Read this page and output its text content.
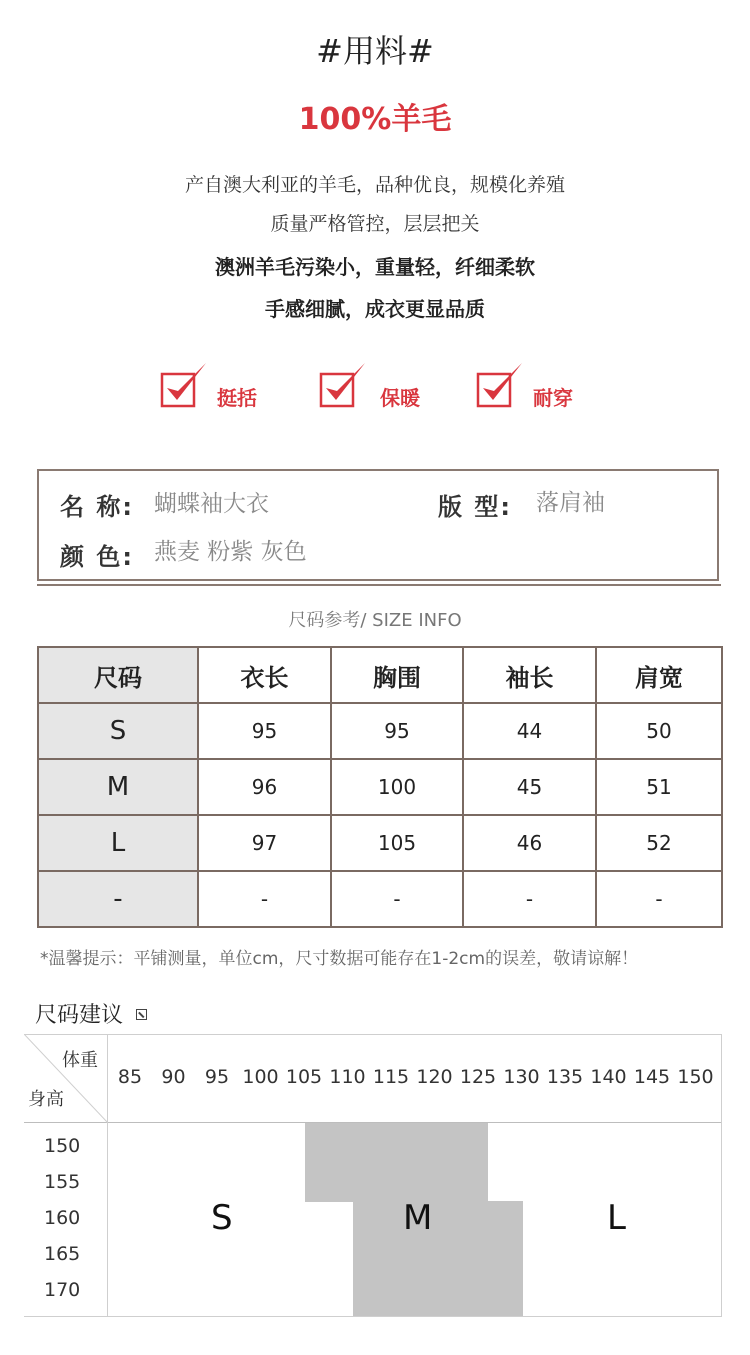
#用料#
100%羊毛
产自澳大利亚的羊毛，品种优良，规模化养殖
质量严格管控，层层把关
澳洲羊毛污染小，重量轻，纤细柔软
手感细腻，成衣更显品质
挺括	保暖	耐穿
名 称: 蝴蝶袖大衣	版 型: 落肩袖
颜 色: 燕麦 粉紫 灰色
尺码参考/ SIZE INFO
尺码	衣长	胸围	袖长	肩宽
S	95	95	44	50
M	96	100	45	51
L	97	105	46	52
-	-	-	-	-
*温馨提示：平铺测量，单位cm，尺寸数据可能存在1-2cm的误差，敬请谅解！
尺码建议
体重
身高
85 90 95 100 105 110 115 120 125 130 135 140 145 150
150
155
160
165
170
S	M	L
